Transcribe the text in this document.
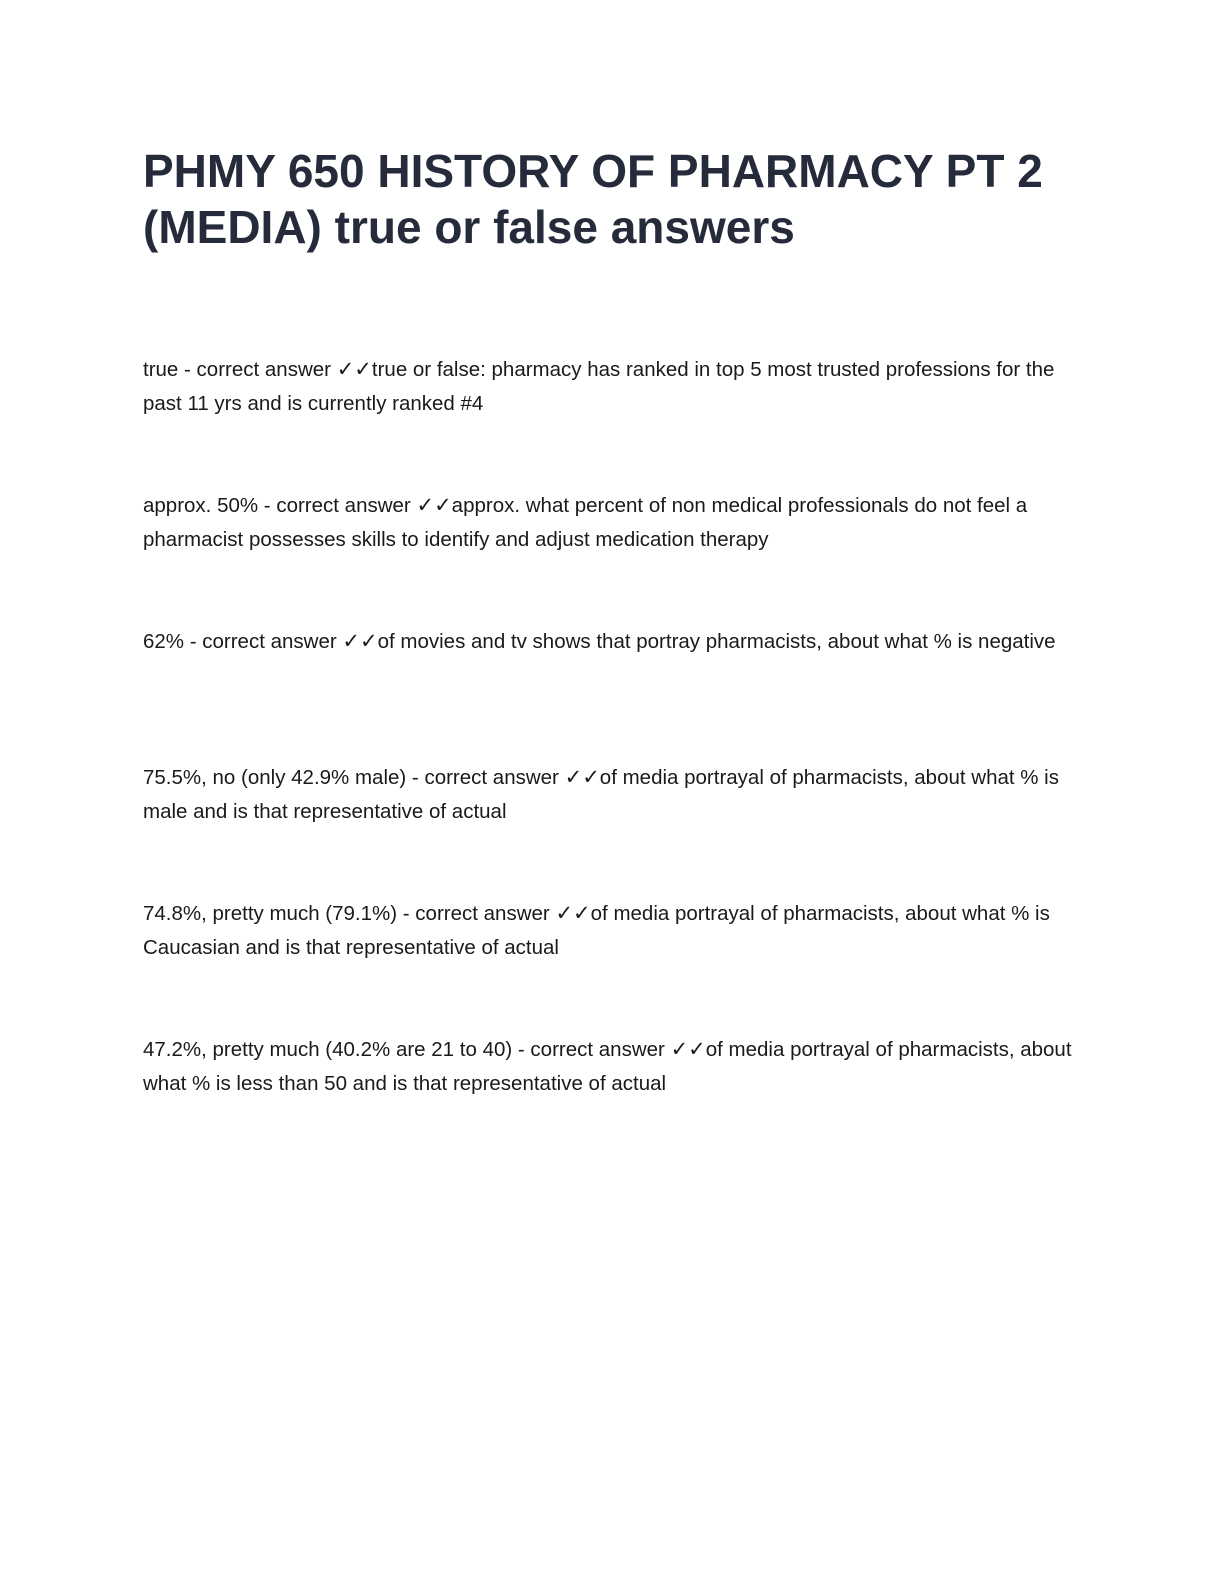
PHMY 650 HISTORY OF PHARMACY PT 2 (MEDIA) true or false answers

true - correct answer ✓✓true or false: pharmacy has ranked in top 5 most trusted professions for the past 11 yrs and is currently ranked #4

approx. 50% - correct answer ✓✓approx. what percent of non medical professionals do not feel a pharmacist possesses skills to identify and adjust medication therapy

62% - correct answer ✓✓of movies and tv shows that portray pharmacists, about what % is negative

75.5%, no (only 42.9% male) - correct answer ✓✓of media portrayal of pharmacists, about what % is male and is that representative of actual

74.8%, pretty much (79.1%) - correct answer ✓✓of media portrayal of pharmacists, about what % is Caucasian and is that representative of actual

47.2%, pretty much (40.2% are 21 to 40) - correct answer ✓✓of media portrayal of pharmacists, about what % is less than 50 and is that representative of actual
